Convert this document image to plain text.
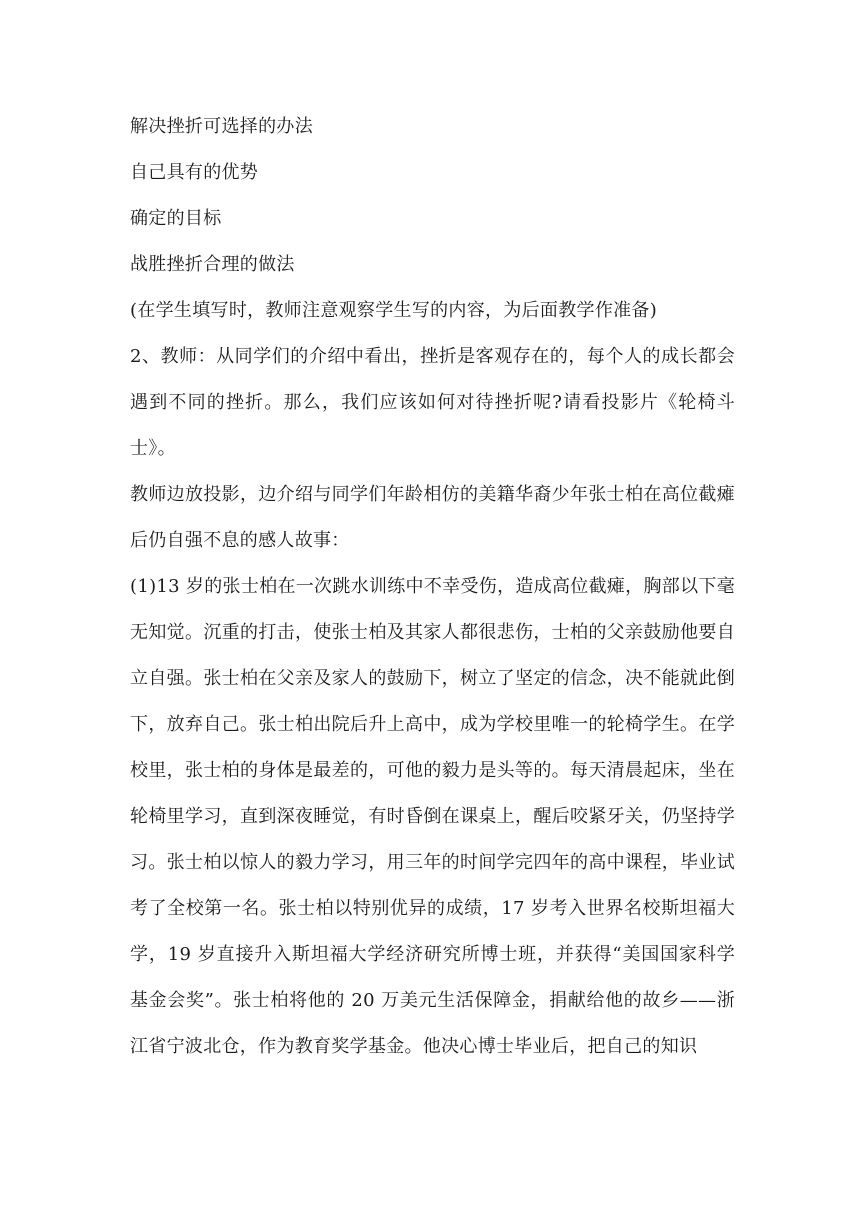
解决挫折可选择的办法
自己具有的优势
确定的目标
战胜挫折合理的做法
(在学生填写时，教师注意观察学生写的内容，为后面教学作准备)

2、教师：从同学们的介绍中看出，挫折是客观存在的，每个人的成长都会遇到不同的挫折。那么，我们应该如何对待挫折呢?请看投影片《轮椅斗士》。

教师边放投影，边介绍与同学们年龄相仿的美籍华裔少年张士柏在高位截瘫后仍自强不息的感人故事：

(1)13 岁的张士柏在一次跳水训练中不幸受伤，造成高位截瘫，胸部以下毫无知觉。沉重的打击，使张士柏及其家人都很悲伤，士柏的父亲鼓励他要自立自强。张士柏在父亲及家人的鼓励下，树立了坚定的信念，决不能就此倒下，放弃自己。张士柏出院后升上高中，成为学校里唯一的轮椅学生。在学校里，张士柏的身体是最差的，可他的毅力是头等的。每天清晨起床，坐在轮椅里学习，直到深夜睡觉，有时昏倒在课桌上，醒后咬紧牙关，仍坚持学习。张士柏以惊人的毅力学习，用三年的时间学完四年的高中课程，毕业试考了全校第一名。张士柏以特别优异的成绩，17 岁考入世界名校斯坦福大学，19 岁直接升入斯坦福大学经济研究所博士班，并获得“美国国家科学基金会奖”。张士柏将他的 20 万美元生活保障金，捐献给他的故乡——浙江省宁波北仓，作为教育奖学基金。他决心博士毕业后，把自己的知识
